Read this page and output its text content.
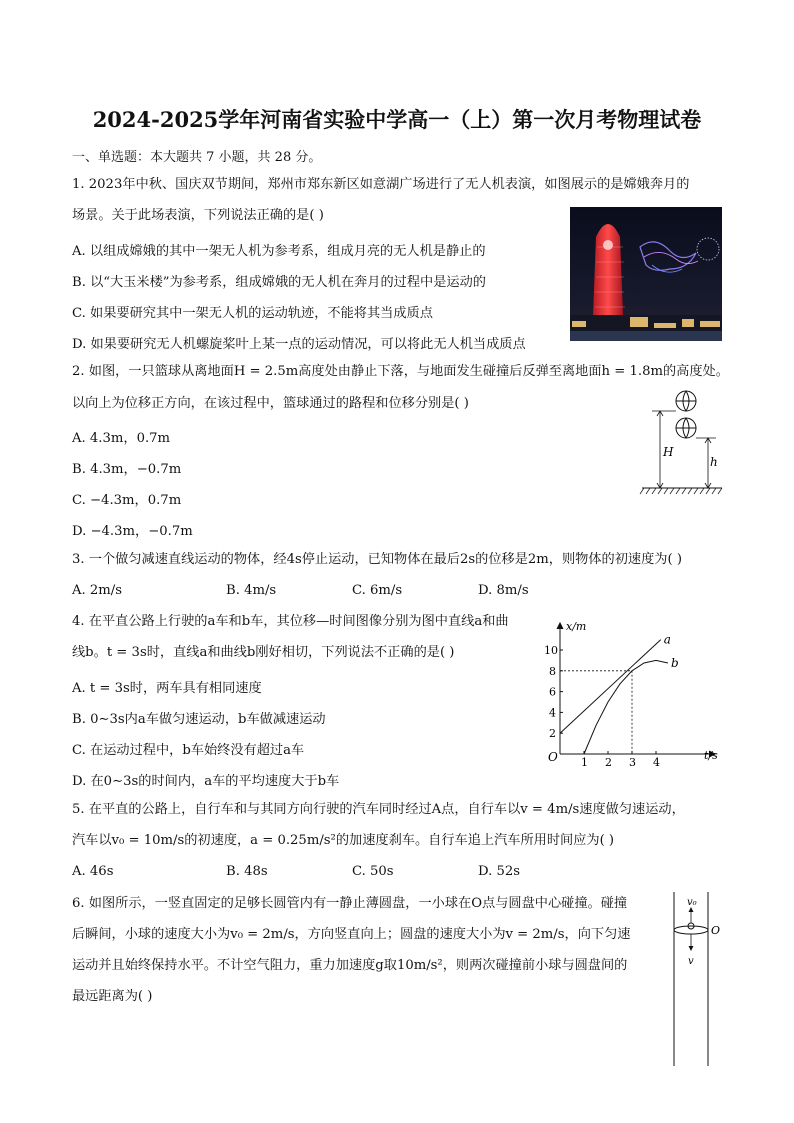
2024-2025学年河南省实验中学高一（上）第一次月考物理试卷
一、单选题：本大题共 7 小题，共 28 分。
1. 2023年中秋、国庆双节期间，郑州市郑东新区如意湖广场进行了无人机表演，如图展示的是嫦娥奔月的
场景。关于此场表演，下列说法正确的是( )
A. 以组成嫦娥的其中一架无人机为参考系，组成月亮的无人机是静止的
B. 以“大玉米楼”为参考系，组成嫦娥的无人机在奔月的过程中是运动的
C. 如果要研究其中一架无人机的运动轨迹，不能将其当成质点
D. 如果要研究无人机螺旋桨叶上某一点的运动情况，可以将此无人机当成质点
2. 如图，一只篮球从离地面H = 2.5m高度处由静止下落，与地面发生碰撞后反弹至离地面h = 1.8m的高度处。
以向上为位移正方向，在该过程中，篮球通过的路程和位移分别是( )
A. 4.3m，0.7m
B. 4.3m，−0.7m
C. −4.3m，0.7m
D. −4.3m，−0.7m
H
h
3. 一个做匀减速直线运动的物体，经4s停止运动，已知物体在最后2s的位移是2m，则物体的初速度为( )
A. 2m/s	B. 4m/s	C. 6m/s	D. 8m/s
4. 在平直公路上行驶的a车和b车，其位移—时间图像分别为图中直线a和曲
线b。t = 3s时，直线a和曲线b刚好相切，下列说法不正确的是( )
A. t = 3s时，两车具有相同速度
B. 0∼3s内a车做匀速运动，b车做减速运动
C. 在运动过程中，b车始终没有超过a车
D. 在0∼3s的时间内，a车的平均速度大于b车
1 2 3 4
2
4
6
8
10
a
b
O	t/s
x/m
5. 在平直的公路上，自行车和与其同方向行驶的汽车同时经过A点，自行车以v = 4m/s速度做匀速运动，
汽车以v₀ = 10m/s的初速度，a = 0.25m/s²的加速度刹车。自行车追上汽车所用时间应为( )
A. 46s	B. 48s	C. 50s	D. 52s
6. 如图所示，一竖直固定的足够长圆管内有一静止薄圆盘，一小球在O点与圆盘中心碰撞。碰撞
后瞬间，小球的速度大小为v₀ = 2m/s，方向竖直向上；圆盘的速度大小为v = 2m/s，向下匀速
运动并且始终保持水平。不计空气阻力，重力加速度g取10m/s²，则两次碰撞前小球与圆盘间的
最远距离为( )
v₀
O
v
